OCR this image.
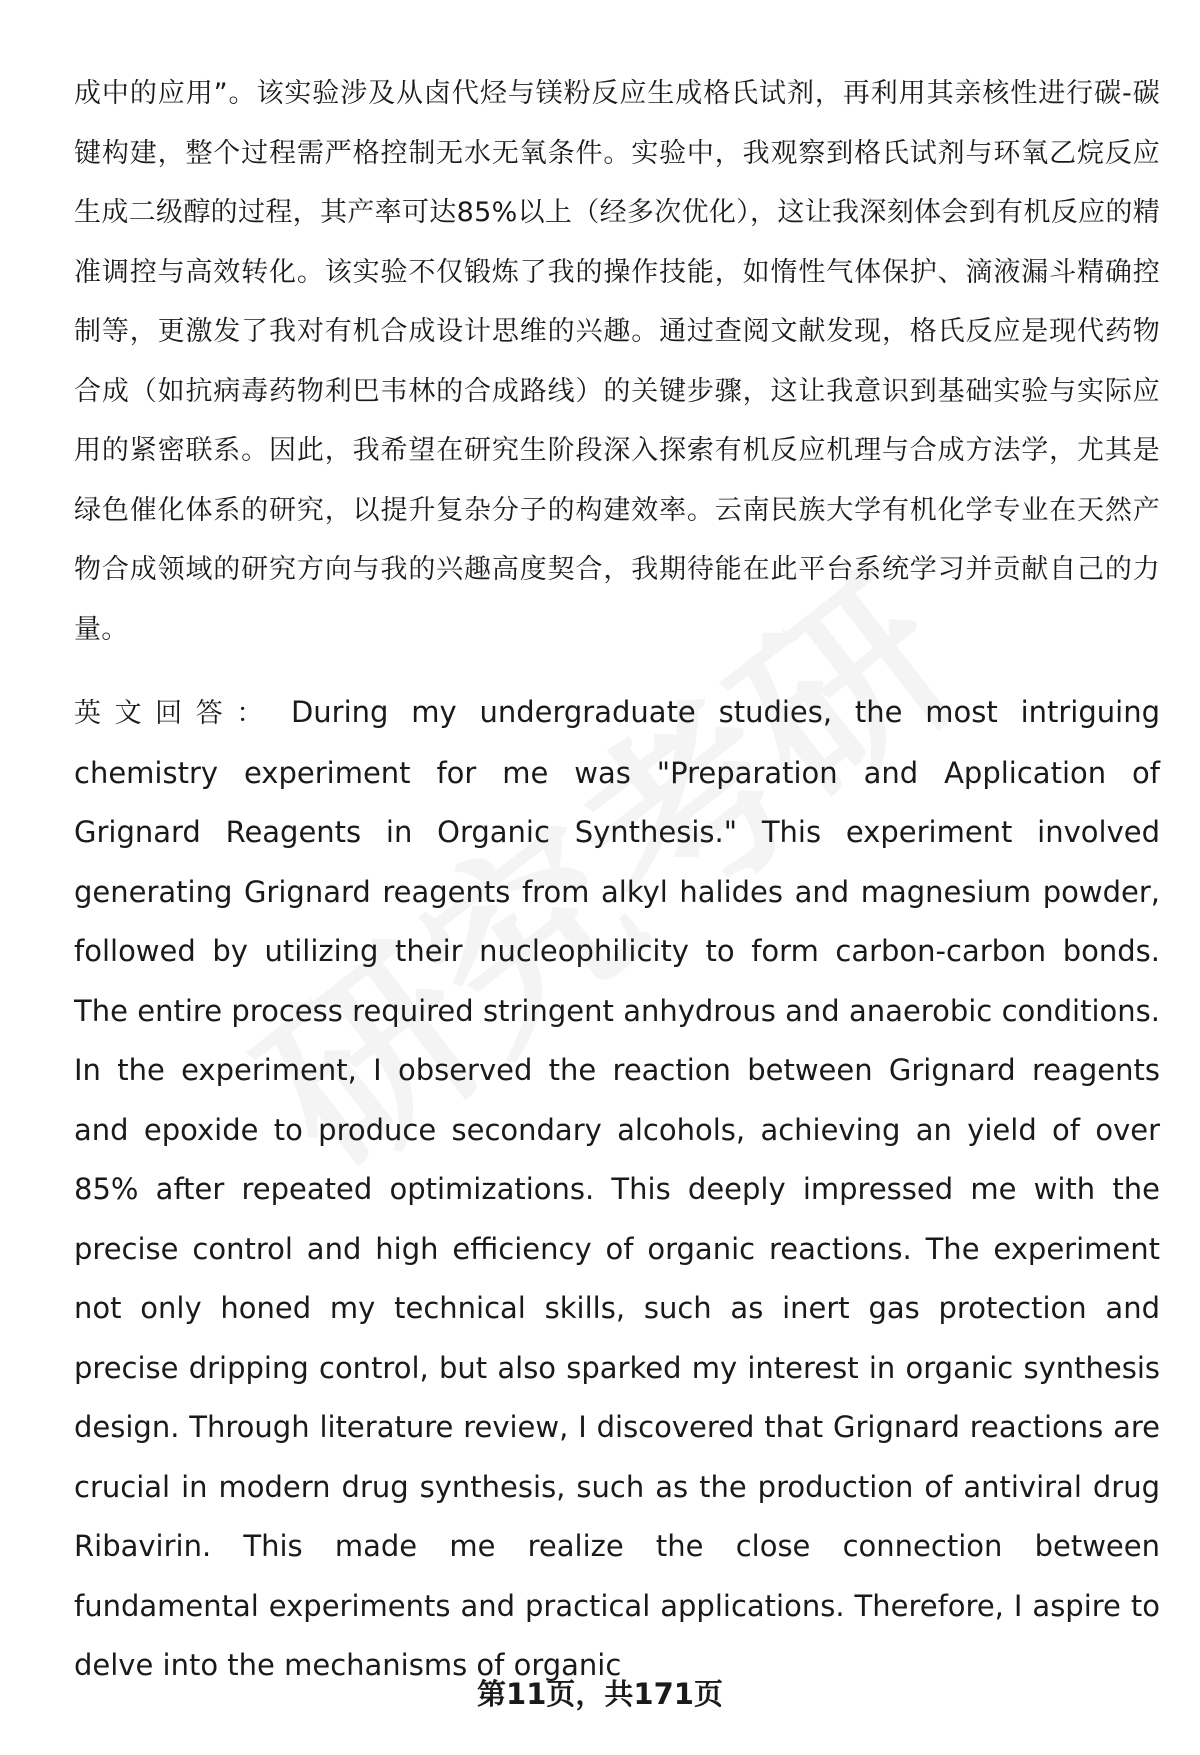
成中的应用”。该实验涉及从卤代烃与镁粉反应生成格氏试剂，再利用其亲核性进行碳-碳键构建，整个过程需严格控制无水无氧条件。实验中，我观察到格氏试剂与环氧乙烷反应生成二级醇的过程，其产率可达85%以上（经多次优化），这让我深刻体会到有机反应的精准调控与高效转化。该实验不仅锻炼了我的操作技能，如惰性气体保护、滴液漏斗精确控制等，更激发了我对有机合成设计思维的兴趣。通过查阅文献发现，格氏反应是现代药物合成（如抗病毒药物利巴韦林的合成路线）的关键步骤，这让我意识到基础实验与实际应用的紧密联系。因此，我希望在研究生阶段深入探索有机反应机理与合成方法学，尤其是绿色催化体系的研究，以提升复杂分子的构建效率。云南民族大学有机化学专业在天然产物合成领域的研究方向与我的兴趣高度契合，我期待能在此平台系统学习并贡献自己的力量。

英文回答： During my undergraduate studies, the most intriguing chemistry experiment for me was "Preparation and Application of Grignard Reagents in Organic Synthesis." This experiment involved generating Grignard reagents from alkyl halides and magnesium powder, followed by utilizing their nucleophilicity to form carbon-carbon bonds. The entire process required stringent anhydrous and anaerobic conditions. In the experiment, I observed the reaction between Grignard reagents and epoxide to produce secondary alcohols, achieving an yield of over 85% after repeated optimizations. This deeply impressed me with the precise control and high efficiency of organic reactions. The experiment not only honed my technical skills, such as inert gas protection and precise dripping control, but also sparked my interest in organic synthesis design. Through literature review, I discovered that Grignard reactions are crucial in modern drug synthesis, such as the production of antiviral drug Ribavirin. This made me realize the close connection between fundamental experiments and practical applications. Therefore, I aspire to delve into the mechanisms of organic

第11页，共171页
